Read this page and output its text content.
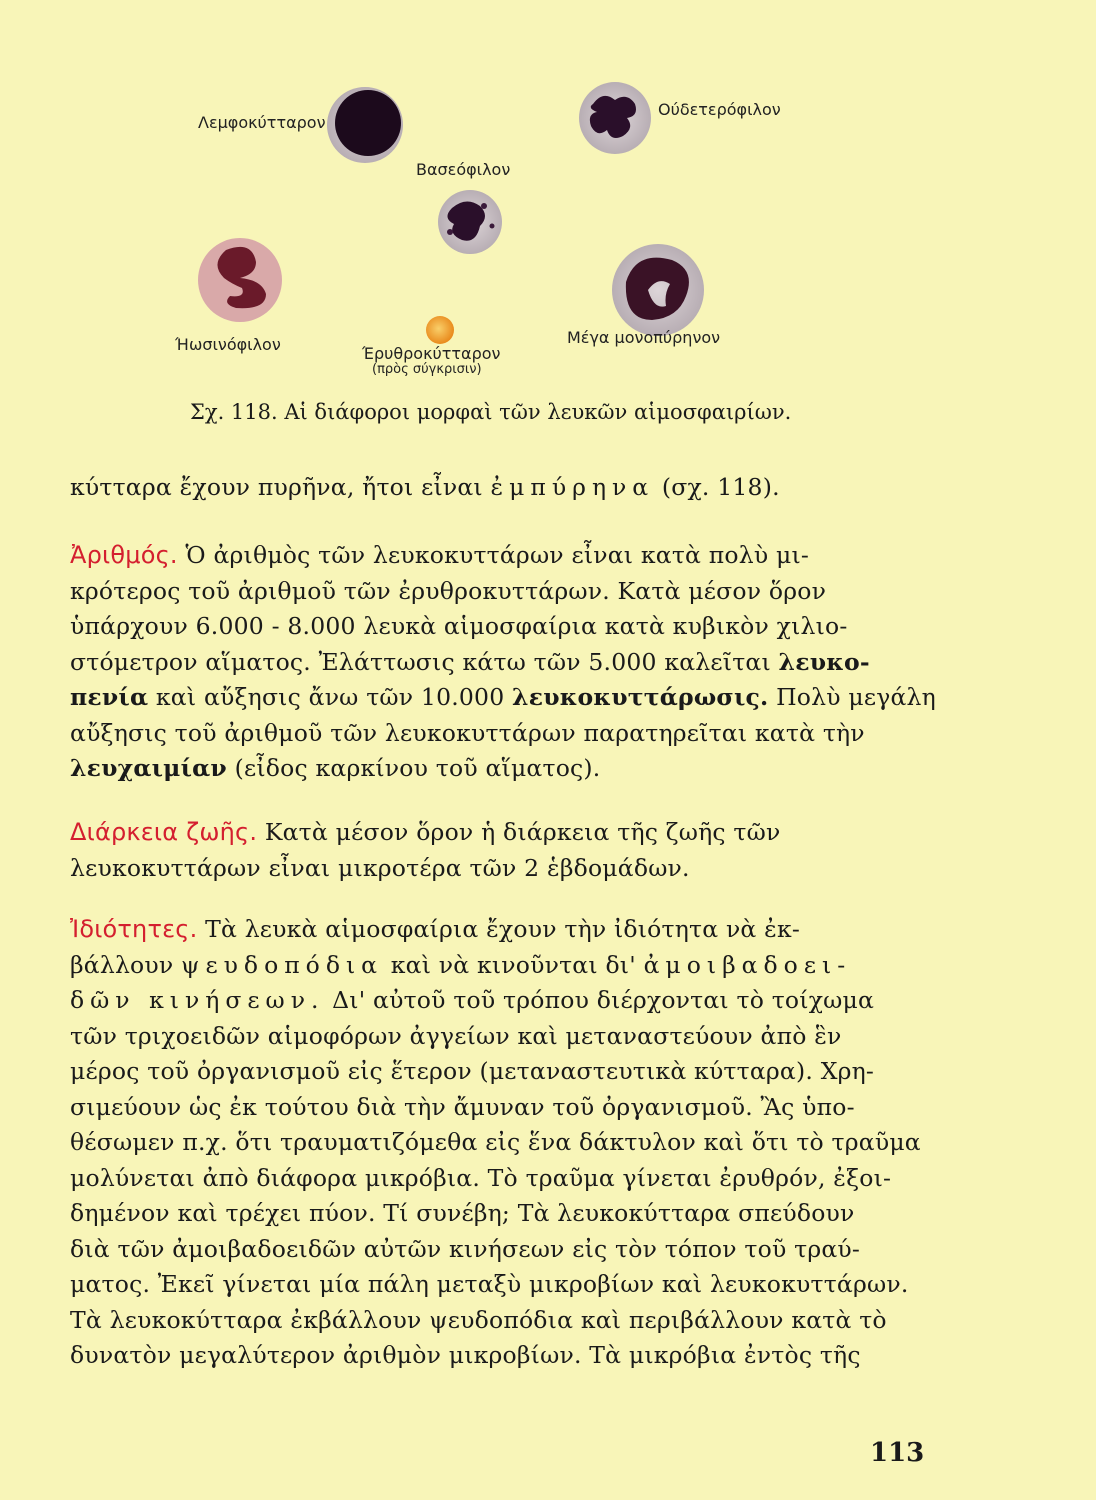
Λεμφοκύτταρον
Ούδετερόφιλον
Βασεόφιλον
Ήωσινόφιλον	Μέγα μονοπύρηνον
Έρυθροκύτταρον
(πρὸς σύγκρισιν)
Σχ. 118. Αἱ διάφοροι μορφαὶ τῶν λευκῶν αἱμοσφαιρίων.
κύτταρα ἔχουν πυρῆνα, ἤτοι εἶναι ἐμπύρηνα (σχ. 118).
Ἀριθμός. Ὁ ἀριθμὸς τῶν λευκοκυττάρων εἶναι κατὰ πολὺ μι-
κρότερος τοῦ ἀριθμοῦ τῶν ἐρυθροκυττάρων. Κατὰ μέσον ὅρον
ὑπάρχουν 6.000 - 8.000 λευκὰ αἱμοσφαίρια κατὰ κυβικὸν χιλιο-
στόμετρον αἵματος. Ἐλάττωσις κάτω τῶν 5.000 καλεῖται λευκο-
πενία καὶ αὔξησις ἄνω τῶν 10.000 λευκοκυττάρωσις. Πολὺ μεγάλη
αὔξησις τοῦ ἀριθμοῦ τῶν λευκοκυττάρων παρατηρεῖται κατὰ τὴν
λευχαιμίαν (εἶδος καρκίνου τοῦ αἵματος).
Διάρκεια ζωῆς. Κατὰ μέσον ὅρον ἡ διάρκεια τῆς ζωῆς τῶν
λευκοκυττάρων εἶναι μικροτέρα τῶν 2 ἑβδομάδων.
Ἰδιότητες. Τὰ λευκὰ αἱμοσφαίρια ἔχουν τὴν ἰδιότητα νὰ ἐκ-
βάλλουν ψευδοπόδια καὶ νὰ κινοῦνται δι' ἀμοιβαδοει-
δῶν κινήσεων. Δι' αὐτοῦ τοῦ τρόπου διέρχονται τὸ τοίχωμα
τῶν τριχοειδῶν αἱμοφόρων ἀγγείων καὶ μεταναστεύουν ἀπὸ ἓν
μέρος τοῦ ὀργανισμοῦ εἰς ἕτερον (μεταναστευτικὰ κύτταρα). Χρη-
σιμεύουν ὡς ἐκ τούτου διὰ τὴν ἄμυναν τοῦ ὀργανισμοῦ. Ἂς ὑπο-
θέσωμεν π.χ. ὅτι τραυματιζόμεθα εἰς ἕνα δάκτυλον καὶ ὅτι τὸ τραῦμα
μολύνεται ἀπὸ διάφορα μικρόβια. Τὸ τραῦμα γίνεται ἐρυθρόν, ἐξοι-
δημένον καὶ τρέχει πύον. Τί συνέβη; Τὰ λευκοκύτταρα σπεύδουν
διὰ τῶν ἀμοιβαδοειδῶν αὐτῶν κινήσεων εἰς τὸν τόπον τοῦ τραύ-
ματος. Ἐκεῖ γίνεται μία πάλη μεταξὺ μικροβίων καὶ λευκοκυττάρων.
Τὰ λευκοκύτταρα ἐκβάλλουν ψευδοπόδια καὶ περιβάλλουν κατὰ τὸ
δυνατὸν μεγαλύτερον ἀριθμὸν μικροβίων. Τὰ μικρόβια ἐντὸς τῆς
113
